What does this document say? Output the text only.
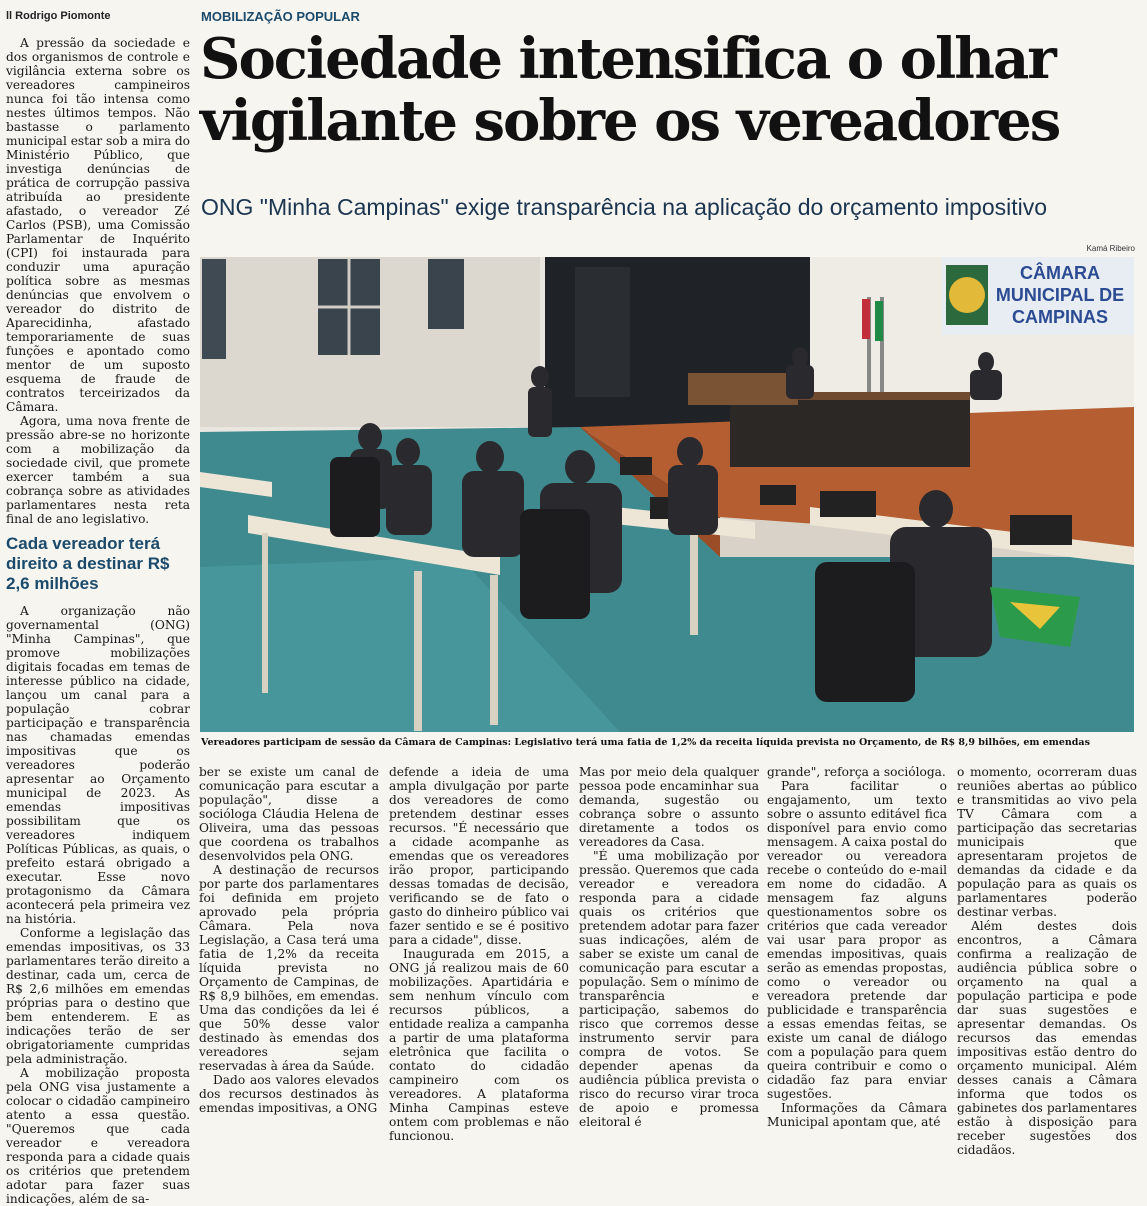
ll Rodrigo Piomonte

A pressão da sociedade e dos organismos de controle e vigilância externa sobre os vereadores campineiros nunca foi tão intensa como nestes últimos tempos. Não bastasse o parlamento municipal estar sob a mira do Ministério Público, que investiga denúncias de prática de corrupção passiva atribuída ao presidente afastado, o vereador Zé Carlos (PSB), uma Comissão Parlamentar de Inquérito (CPI) foi instaurada para conduzir uma apuração política sobre as mesmas denúncias que envolvem o vereador do distrito de Aparecidinha, afastado temporariamente de suas funções e apontado como mentor de um suposto esquema de fraude de contratos terceirizados da Câmara.

Agora, uma nova frente de pressão abre-se no horizonte com a mobilização da sociedade civil, que promete exercer também a sua cobrança sobre as atividades parlamentares nesta reta final de ano legislativo.

Cada vereador terá direito a destinar R$ 2,6 milhões

A organização não governamental (ONG) "Minha Campinas", que promove mobilizações digitais focadas em temas de interesse público na cidade, lançou um canal para a população cobrar participação e transparência nas chamadas emendas impositivas que os vereadores poderão apresentar ao Orçamento municipal de 2023. As emendas impositivas possibilitam que os vereadores indiquem Políticas Públicas, as quais, o prefeito estará obrigado a executar. Esse novo protagonismo da Câmara acontecerá pela primeira vez na história.

Conforme a legislação das emendas impositivas, os 33 parlamentares terão direito a destinar, cada um, cerca de R$ 2,6 milhões em emendas próprias para o destino que bem entenderem. E as indicações terão de ser obrigatoriamente cumpridas pela administração.

A mobilização proposta pela ONG visa justamente a colocar o cidadão campineiro atento a essa questão. "Queremos que cada vereador e vereadora responda para a cidade quais os critérios que pretendem adotar para fazer suas indicações, além de sa-

MOBILIZAÇÃO POPULAR
Sociedade intensifica o olhar vigilante sobre os vereadores
ONG "Minha Campinas" exige transparência na aplicação do orçamento impositivo
Kamá Ribeiro
CÂMARA
MUNICIPAL DE
CAMPINAS
Vereadores participam de sessão da Câmara de Campinas: Legislativo terá uma fatia de 1,2% da receita líquida prevista no Orçamento, de R$ 8,9 bilhões, em emendas

ber se existe um canal de comunicação para escutar a população", disse a socióloga Cláudia Helena de Oliveira, uma das pessoas que coordena os trabalhos desenvolvidos pela ONG.

A destinação de recursos por parte dos parlamentares foi definida em projeto aprovado pela própria Câmara. Pela nova Legislação, a Casa terá uma fatia de 1,2% da receita líquida prevista no Orçamento de Campinas, de R$ 8,9 bilhões, em emendas. Uma das condições da lei é que 50% desse valor destinado às emendas dos vereadores sejam reservadas à área da Saúde.

Dado aos valores elevados dos recursos destinados às emendas impositivas, a ONG

defende a ideia de uma ampla divulgação por parte dos vereadores de como pretendem destinar esses recursos. "É necessário que a cidade acompanhe as emendas que os vereadores irão propor, participando dessas tomadas de decisão, verificando se de fato o gasto do dinheiro público vai fazer sentido e se é positivo para a cidade", disse.

Inaugurada em 2015, a ONG já realizou mais de 60 mobilizações. Apartidária e sem nenhum vínculo com recursos públicos, a entidade realiza a campanha a partir de uma plataforma eletrônica que facilita o contato do cidadão campineiro com os vereadores. A plataforma Minha Campinas esteve ontem com problemas e não funcionou.

Mas por meio dela qualquer pessoa pode encaminhar sua demanda, sugestão ou cobrança sobre o assunto diretamente a todos os vereadores da Casa.

"É uma mobilização por pressão. Queremos que cada vereador e vereadora responda para a cidade quais os critérios que pretendem adotar para fazer suas indicações, além de saber se existe um canal de comunicação para escutar a população. Sem o mínimo de transparência e participação, sabemos do risco que corremos desse instrumento servir para compra de votos. Se depender apenas da audiência pública prevista o risco do recurso virar troca de apoio e promessa eleitoral é

grande", reforça a socióloga.

Para facilitar o engajamento, um texto sobre o assunto editável fica disponível para envio como mensagem. A caixa postal do vereador ou vereadora recebe o conteúdo do e-mail em nome do cidadão. A mensagem faz alguns questionamentos sobre os critérios que cada vereador vai usar para propor as emendas impositivas, quais serão as emendas propostas, como o vereador ou vereadora pretende dar publicidade e transparência a essas emendas feitas, se existe um canal de diálogo com a população para quem queira contribuir e como o cidadão faz para enviar sugestões.

Informações da Câmara Municipal apontam que, até

o momento, ocorreram duas reuniões abertas ao público e transmitidas ao vivo pela TV Câmara com a participação das secretarias municipais que apresentaram projetos de demandas da cidade e da população para as quais os parlamentares poderão destinar verbas.

Além destes dois encontros, a Câmara confirma a realização de audiência pública sobre o orçamento na qual a população participa e pode dar suas sugestões e apresentar demandas. Os recursos das emendas impositivas estão dentro do orçamento municipal. Além desses canais a Câmara informa que todos os gabinetes dos parlamentares estão à disposição para receber sugestões dos cidadãos.
